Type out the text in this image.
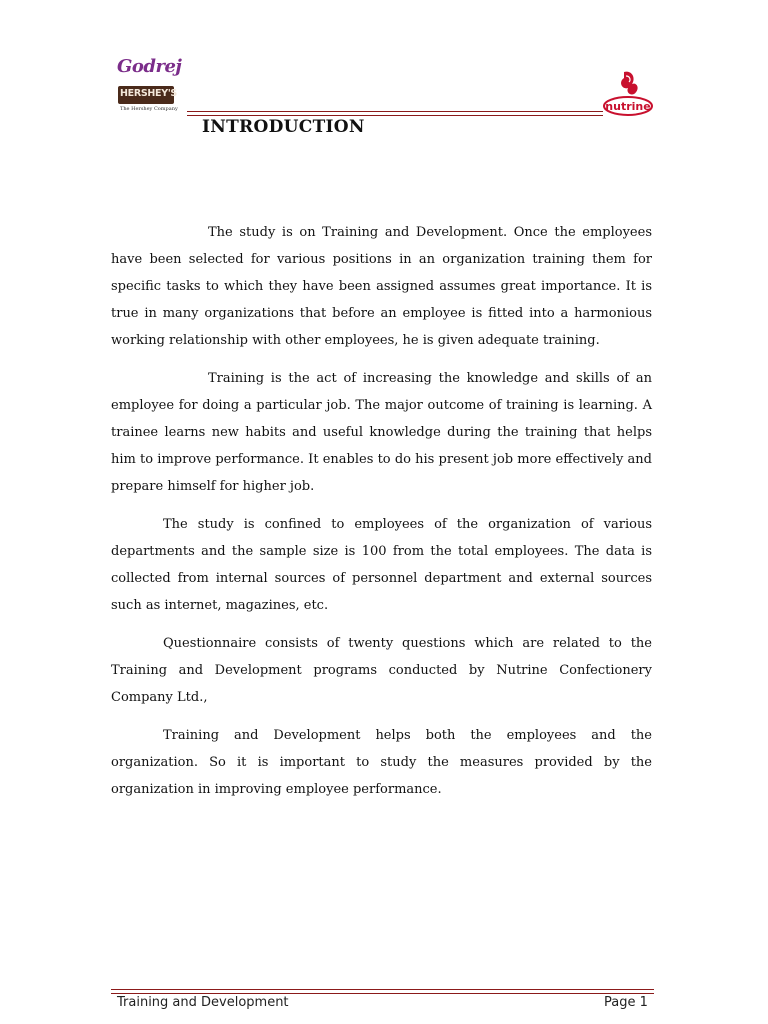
Godrej
HERSHEY'S
The Hershey Company	nutrine
INTRODUCTION

The study is on Training and Development. Once the employees have been selected for various positions in an organization training them for specific tasks to which they have been assigned assumes great importance. It is true in many organizations that before an employee is fitted into a harmonious working relationship with other employees, he is given adequate training.

Training is the act of increasing the knowledge and skills of an employee for doing a particular job. The major outcome of training is learning. A trainee learns new habits and useful knowledge during the training that helps him to improve performance. It enables to do his present job more effectively and prepare himself for higher job.

The study is confined to employees of the organization of various departments and the sample size is 100 from the total employees. The data is collected from internal sources of personnel department and external sources such as internet, magazines, etc.

Questionnaire consists of twenty questions which are related to the Training and Development programs conducted by Nutrine Confectionery Company Ltd.,

Training and Development helps both the employees and the organization. So it is important to study the measures provided by the organization in improving employee performance.

Training and Development	Page 1
